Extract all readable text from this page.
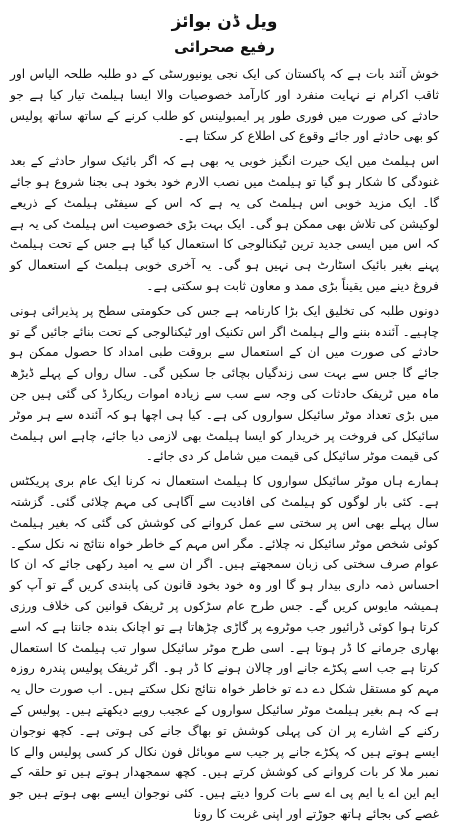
ویل ڈن بوائز
رفیع صحرائی

خوش آئند بات ہے کہ پاکستان کی ایک نجی یونیورسٹی کے دو طلبہ طلحہ الیاس اور ثاقب اکرام نے نہایت منفرد اور کارآمد خصوصیات والا ایسا ہیلمٹ تیار کیا ہے جو حادثے کی صورت میں فوری طور پر ایمبولینس کو طلب کرنے کے ساتھ ساتھ پولیس کو بھی حادثے اور جائے وقوع کی اطلاع کر سکتا ہے۔

اس ہیلمٹ میں ایک حیرت انگیز خوبی یہ بھی ہے کہ اگر بائیک سوار حادثے کے بعد غنودگی کا شکار ہو گیا تو ہیلمٹ میں نصب الارم خود بخود ہی بجنا شروع ہو جائے گا۔ ایک مزید خوبی اس ہیلمٹ کی یہ ہے کہ اس کے سیفٹی ہیلمٹ کے ذریعے لوکیشن کی تلاش بھی ممکن ہو گی۔ ایک بہت بڑی خصوصیت اس ہیلمٹ کی یہ ہے کہ اس میں ایسی جدید ترین ٹیکنالوجی کا استعمال کیا گیا ہے جس کے تحت ہیلمٹ پہنے بغیر بائیک اسٹارٹ ہی نہیں ہو گی۔ یہ آخری خوبی ہیلمٹ کے استعمال کو فروغ دینے میں یقیناً بڑی ممد و معاون ثابت ہو سکتی ہے۔

دونوں طلبہ کی تخلیق ایک بڑا کارنامہ ہے جس کی حکومتی سطح پر پذیرائی ہونی چاہیے۔ آئندہ بننے والے ہیلمٹ اگر اس تکنیک اور ٹیکنالوجی کے تحت بنائے جائیں گے تو حادثے کی صورت میں ان کے استعمال سے بروقت طبی امداد کا حصول ممکن ہو جائے گا جس سے بہت سی زندگیاں بچائی جا سکیں گی۔ سال رواں کے پہلے ڈیڑھ ماہ میں ٹریفک حادثات کی وجہ سے سب سے زیادہ اموات ریکارڈ کی گئی ہیں جن میں بڑی تعداد موٹر سائیکل سواروں کی ہے۔ کیا ہی اچھا ہو کہ آئندہ سے ہر موٹر سائیکل کی فروخت پر خریدار کو ایسا ہیلمٹ بھی لازمی دیا جائے، چاہے اس ہیلمٹ کی قیمت موٹر سائیکل کی قیمت میں شامل کر دی جائے۔

ہمارے ہاں موٹر سائیکل سواروں کا ہیلمٹ استعمال نہ کرنا ایک عام بری پریکٹس ہے۔ کئی بار لوگوں کو ہیلمٹ کی افادیت سے آگاہی کی مہم چلائی گئی۔ گزشتہ سال پہلے بھی اس پر سختی سے عمل کروانے کی کوشش کی گئی کہ بغیر ہیلمٹ کوئی شخص موٹر سائیکل نہ چلائے۔ مگر اس مہم کے خاطر خواہ نتائج نہ نکل سکے۔ عوام صرف سختی کی زبان سمجھتے ہیں۔ اگر ان سے یہ امید رکھی جائے کہ ان کا احساس ذمہ داری بیدار ہو گا اور وہ خود بخود قانون کی پابندی کریں گے تو آپ کو ہمیشہ مایوس کریں گے۔ جس طرح عام سڑکوں پر ٹریفک قوانین کی خلاف ورزی کرتا ہوا کوئی ڈرائیور جب موٹروے پر گاڑی چڑھاتا ہے تو اچانک بندہ جانتا ہے کہ اسے بھاری جرمانے کا ڈر ہوتا ہے۔ اسی طرح موٹر سائیکل سوار تب ہیلمٹ کا استعمال کرتا ہے جب اسے پکڑے جانے اور چالان ہونے کا ڈر ہو۔ اگر ٹریفک پولیس پندرہ روزہ مہم کو مستقل شکل دے دے تو خاطر خواہ نتائج نکل سکتے ہیں۔ اب صورت حال یہ ہے کہ ہم بغیر ہیلمٹ موٹر سائیکل سواروں کے عجیب رویے دیکھتے ہیں۔ پولیس کے رکنے کے اشارے پر ان کی پہلی کوشش تو بھاگ جانے کی ہوتی ہے۔ کچھ نوجوان ایسے ہوتے ہیں کہ پکڑے جانے پر جیب سے موبائل فون نکال کر کسی پولیس والے کا نمبر ملا کر بات کروانے کی کوشش کرتے ہیں۔ کچھ سمجھدار ہوتے ہیں تو حلقہ کے ایم این اے یا ایم پی اے سے بات کروا دیتے ہیں۔ کئی نوجوان ایسے بھی ہوتے ہیں جو غصے کی بجائے ہاتھ جوڑتے اور اپنی غربت کا رونا
